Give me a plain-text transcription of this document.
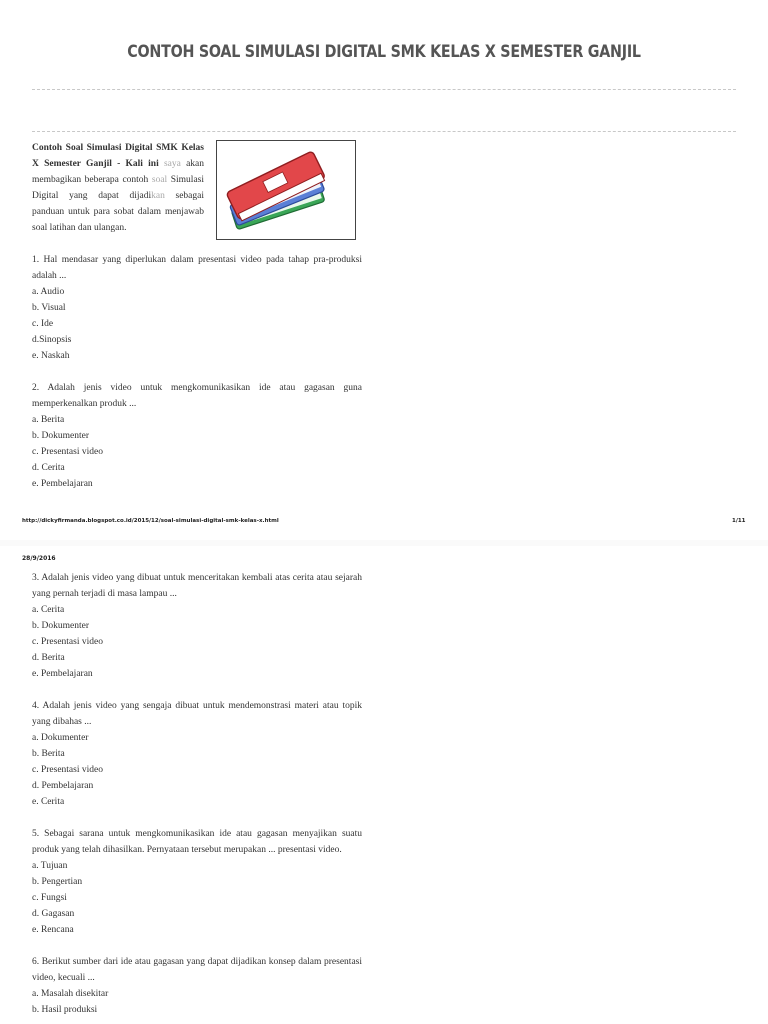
CONTOH SOAL SIMULASI DIGITAL SMK KELAS X SEMESTER GANJIL
Contoh Soal Simulasi Digital SMK Kelas X Semester Ganjil - Kali ini saya akan membagikan beberapa contoh soal Simulasi Digital yang dapat dijadikan sebagai panduan untuk para sobat dalam menjawab soal latihan dan ulangan.
1. Hal mendasar yang diperlukan dalam presentasi video pada tahap pra-produksi adalah ...
a. Audio
b. Visual
c. Ide
d.Sinopsis
e. Naskah
2. Adalah jenis video untuk mengkomunikasikan ide atau gagasan guna memperkenalkan produk ...
a. Berita
b. Dokumenter
c. Presentasi video
d. Cerita
e. Pembelajaran
http://dickyfirmanda.blogspot.co.id/2015/12/soal-simulasi-digital-smk-kelas-x.html	1/11
28/9/2016
3. Adalah jenis video yang dibuat untuk menceritakan kembali atas cerita atau sejarah yang pernah terjadi di masa lampau ...
a. Cerita
b. Dokumenter
c. Presentasi video
d. Berita
e. Pembelajaran
4. Adalah jenis video yang sengaja dibuat untuk mendemonstrasi materi atau topik yang dibahas ...
a. Dokumenter
b. Berita
c. Presentasi video
d. Pembelajaran
e. Cerita
5. Sebagai sarana untuk mengkomunikasikan ide atau gagasan menyajikan suatu produk yang telah dihasilkan. Pernyataan tersebut merupakan ... presentasi video.
a. Tujuan
b. Pengertian
c. Fungsi
d. Gagasan
e. Rencana
6. Berikut sumber dari ide atau gagasan yang dapat dijadikan konsep dalam presentasi video, kecuali ...
a. Masalah disekitar
b. Hasil produksi
